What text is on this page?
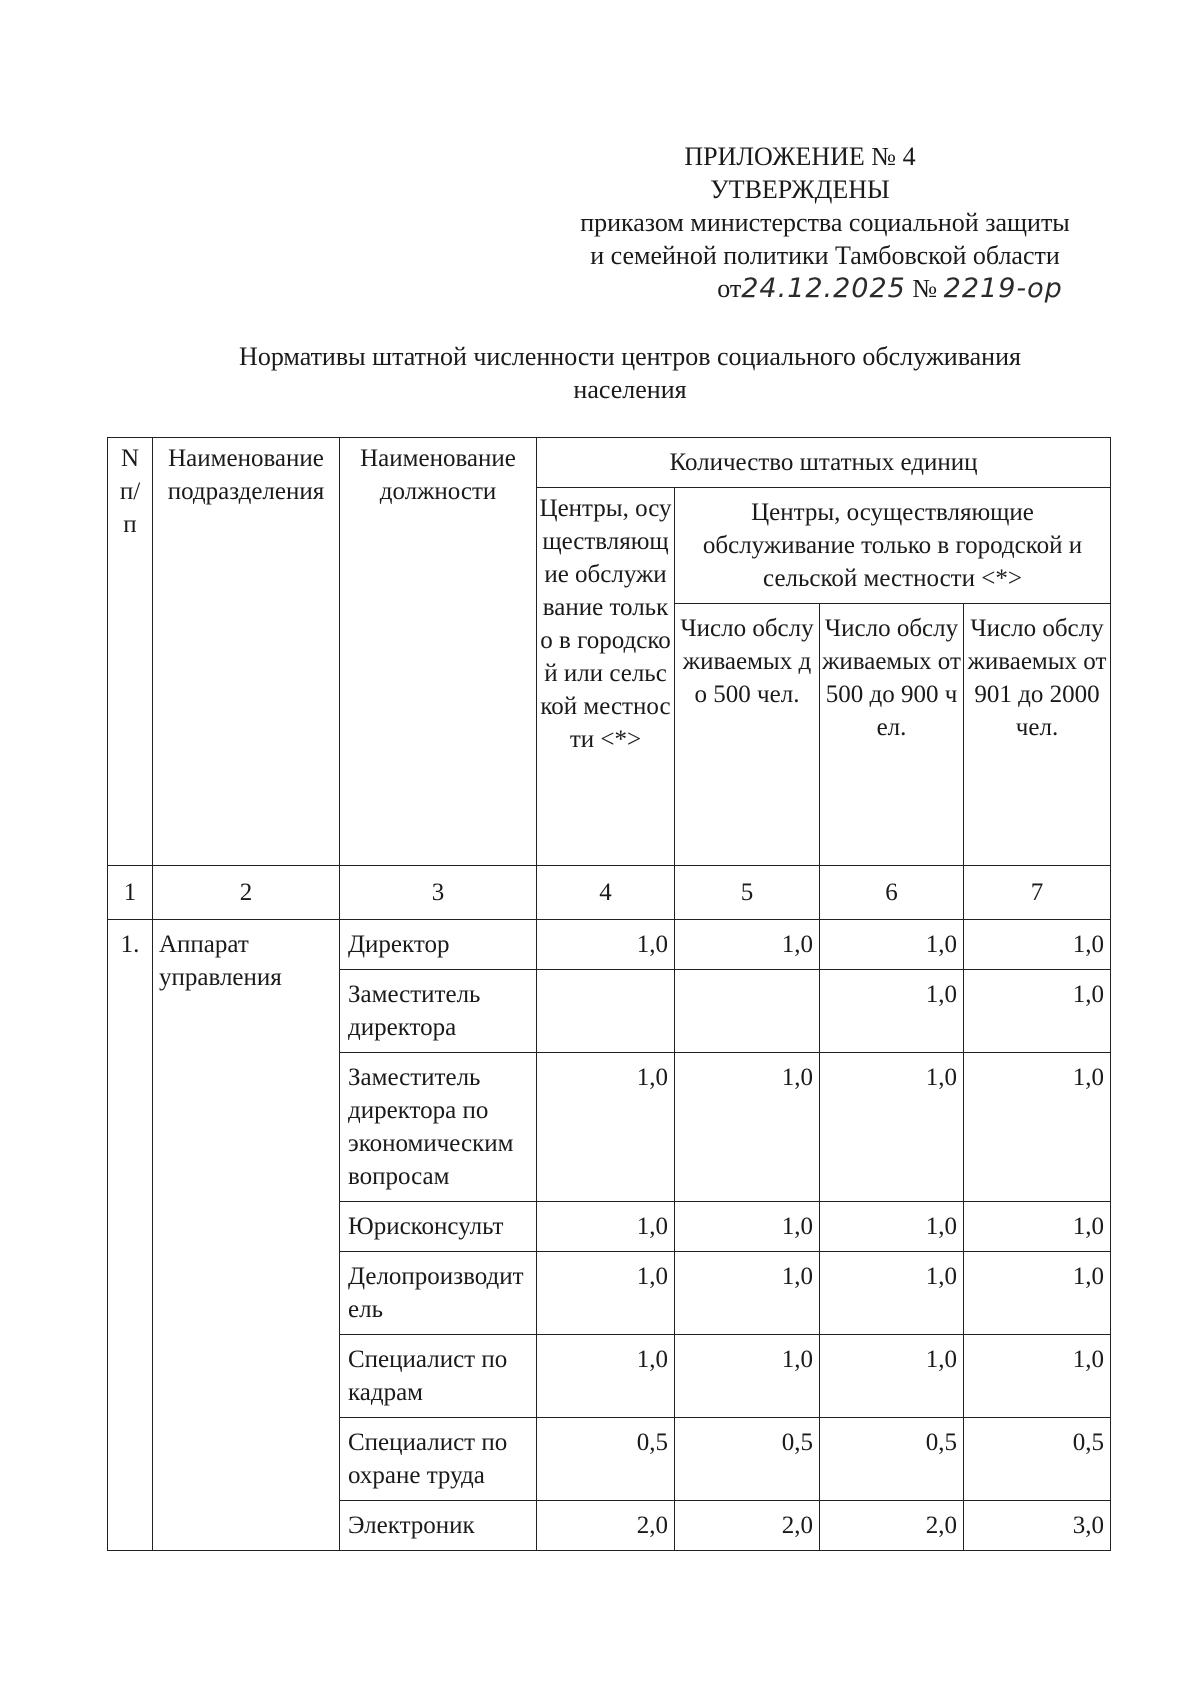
ПРИЛОЖЕНИЕ № 4
УТВЕРЖДЕНЫ
приказом министерства социальной защиты
и семейной политики Тамбовской области
от24.12.2025 № 2219-ор
Нормативы штатной численности центров социального обслуживания
населения
N п/п	Наименование подразделения	Наименование должности	Количество штатных единиц			
			Центры, осуществляющие обслуживание только в городской или сельской местности <*>	Центры, осуществляющие обслуживание только в городской и сельской местности <*>		
				Число обслуживаемых до 500 чел.	Число обслуживаемых от 500 до 900 чел.	Число обслуживаемых от 901 до 2000 чел.
1	2	3	4	5	6	7
1.	Аппарат управления	Директор	1,0	1,0	1,0	1,0
		Заместитель директора			1,0	1,0
		Заместитель директора по экономическим вопросам	1,0	1,0	1,0	1,0
		Юрисконсульт	1,0	1,0	1,0	1,0
		Делопроизводитель	1,0	1,0	1,0	1,0
		Специалист по кадрам	1,0	1,0	1,0	1,0
		Специалист по охране труда	0,5	0,5	0,5	0,5
		Электроник	2,0	2,0	2,0	3,0
